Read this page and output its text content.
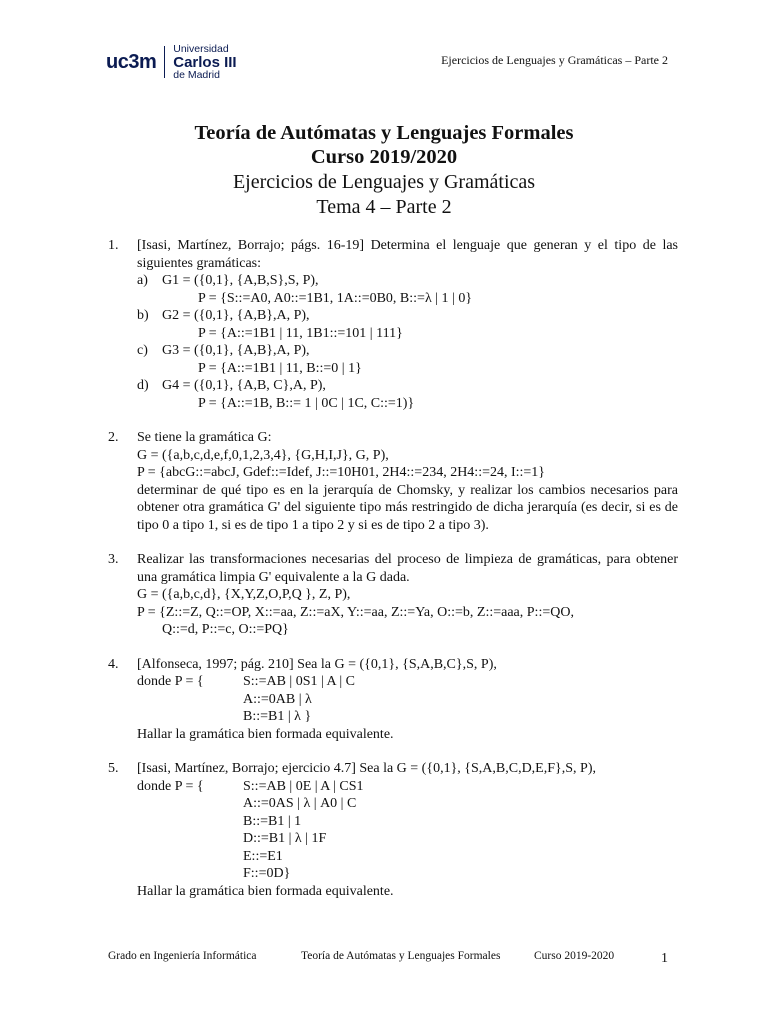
uc3m
Universidad
Carlos III
de Madrid
Ejercicios de Lenguajes y Gramáticas – Parte 2
Teoría de Autómatas y Lenguajes Formales
Curso 2019/2020
Ejercicios de Lenguajes y Gramáticas
Tema 4 – Parte 2
1. [Isasi, Martínez, Borrajo; págs. 16-19] Determina el lenguaje que generan y el tipo de las siguientes gramáticas:
a)	G1 = ({0,1}, {A,B,S},S, P),
P = {S::=A0, A0::=1B1, 1A::=0B0, B::=λ | 1 | 0}
b) G2 = ({0,1}, {A,B},A, P),
P = {A::=1B1 | 11, 1B1::=101 | 111}
c)	G3 = ({0,1}, {A,B},A, P),
P = {A::=1B1 | 11, B::=0 | 1}
d) G4 = ({0,1}, {A,B, C},A, P),
P = {A::=1B, B::= 1 | 0C | 1C, C::=1)}
2. Se tiene la gramática G:
G = ({a,b,c,d,e,f,0,1,2,3,4}, {G,H,I,J}, G, P),
P = {abcG::=abcJ, Gdef::=Idef, J::=10H01, 2H4::=234, 2H4::=24, I::=1}
determinar de qué tipo es en la jerarquía de Chomsky, y realizar los cambios necesarios para obtener otra gramática G' del siguiente tipo más restringido de dicha jerarquía (es decir, si es de tipo 0 a tipo 1, si es de tipo 1 a tipo 2 y si es de tipo 2 a tipo 3).
3. Realizar las transformaciones necesarias del proceso de limpieza de gramáticas, para obtener una gramática limpia G' equivalente a la G dada.
G = ({a,b,c,d}, {X,Y,Z,O,P,Q }, Z, P),
P = {Z::=Z, Q::=OP, X::=aa, Z::=aX, Y::=aa, Z::=Ya, O::=b, Z::=aaa, P::=QO,
Q::=d, P::=c, O::=PQ}
4. [Alfonseca, 1997; pág. 210] Sea la G = ({0,1}, {S,A,B,C},S, P),
donde P = {	S::=AB | 0S1 | A | C
A::=0AB | λ
B::=B1 | λ }
Hallar la gramática bien formada equivalente.
5. [Isasi, Martínez, Borrajo; ejercicio 4.7] Sea la G = ({0,1}, {S,A,B,C,D,E,F},S, P),
donde P = {	S::=AB | 0E | A | CS1
A::=0AS | λ | A0 | C
B::=B1 | 1
D::=B1 | λ | 1F
E::=E1
F::=0D}
Hallar la gramática bien formada equivalente.
Grado en Ingeniería Informática	Teoría de Autómatas y Lenguajes Formales	Curso 2019-2020	1
